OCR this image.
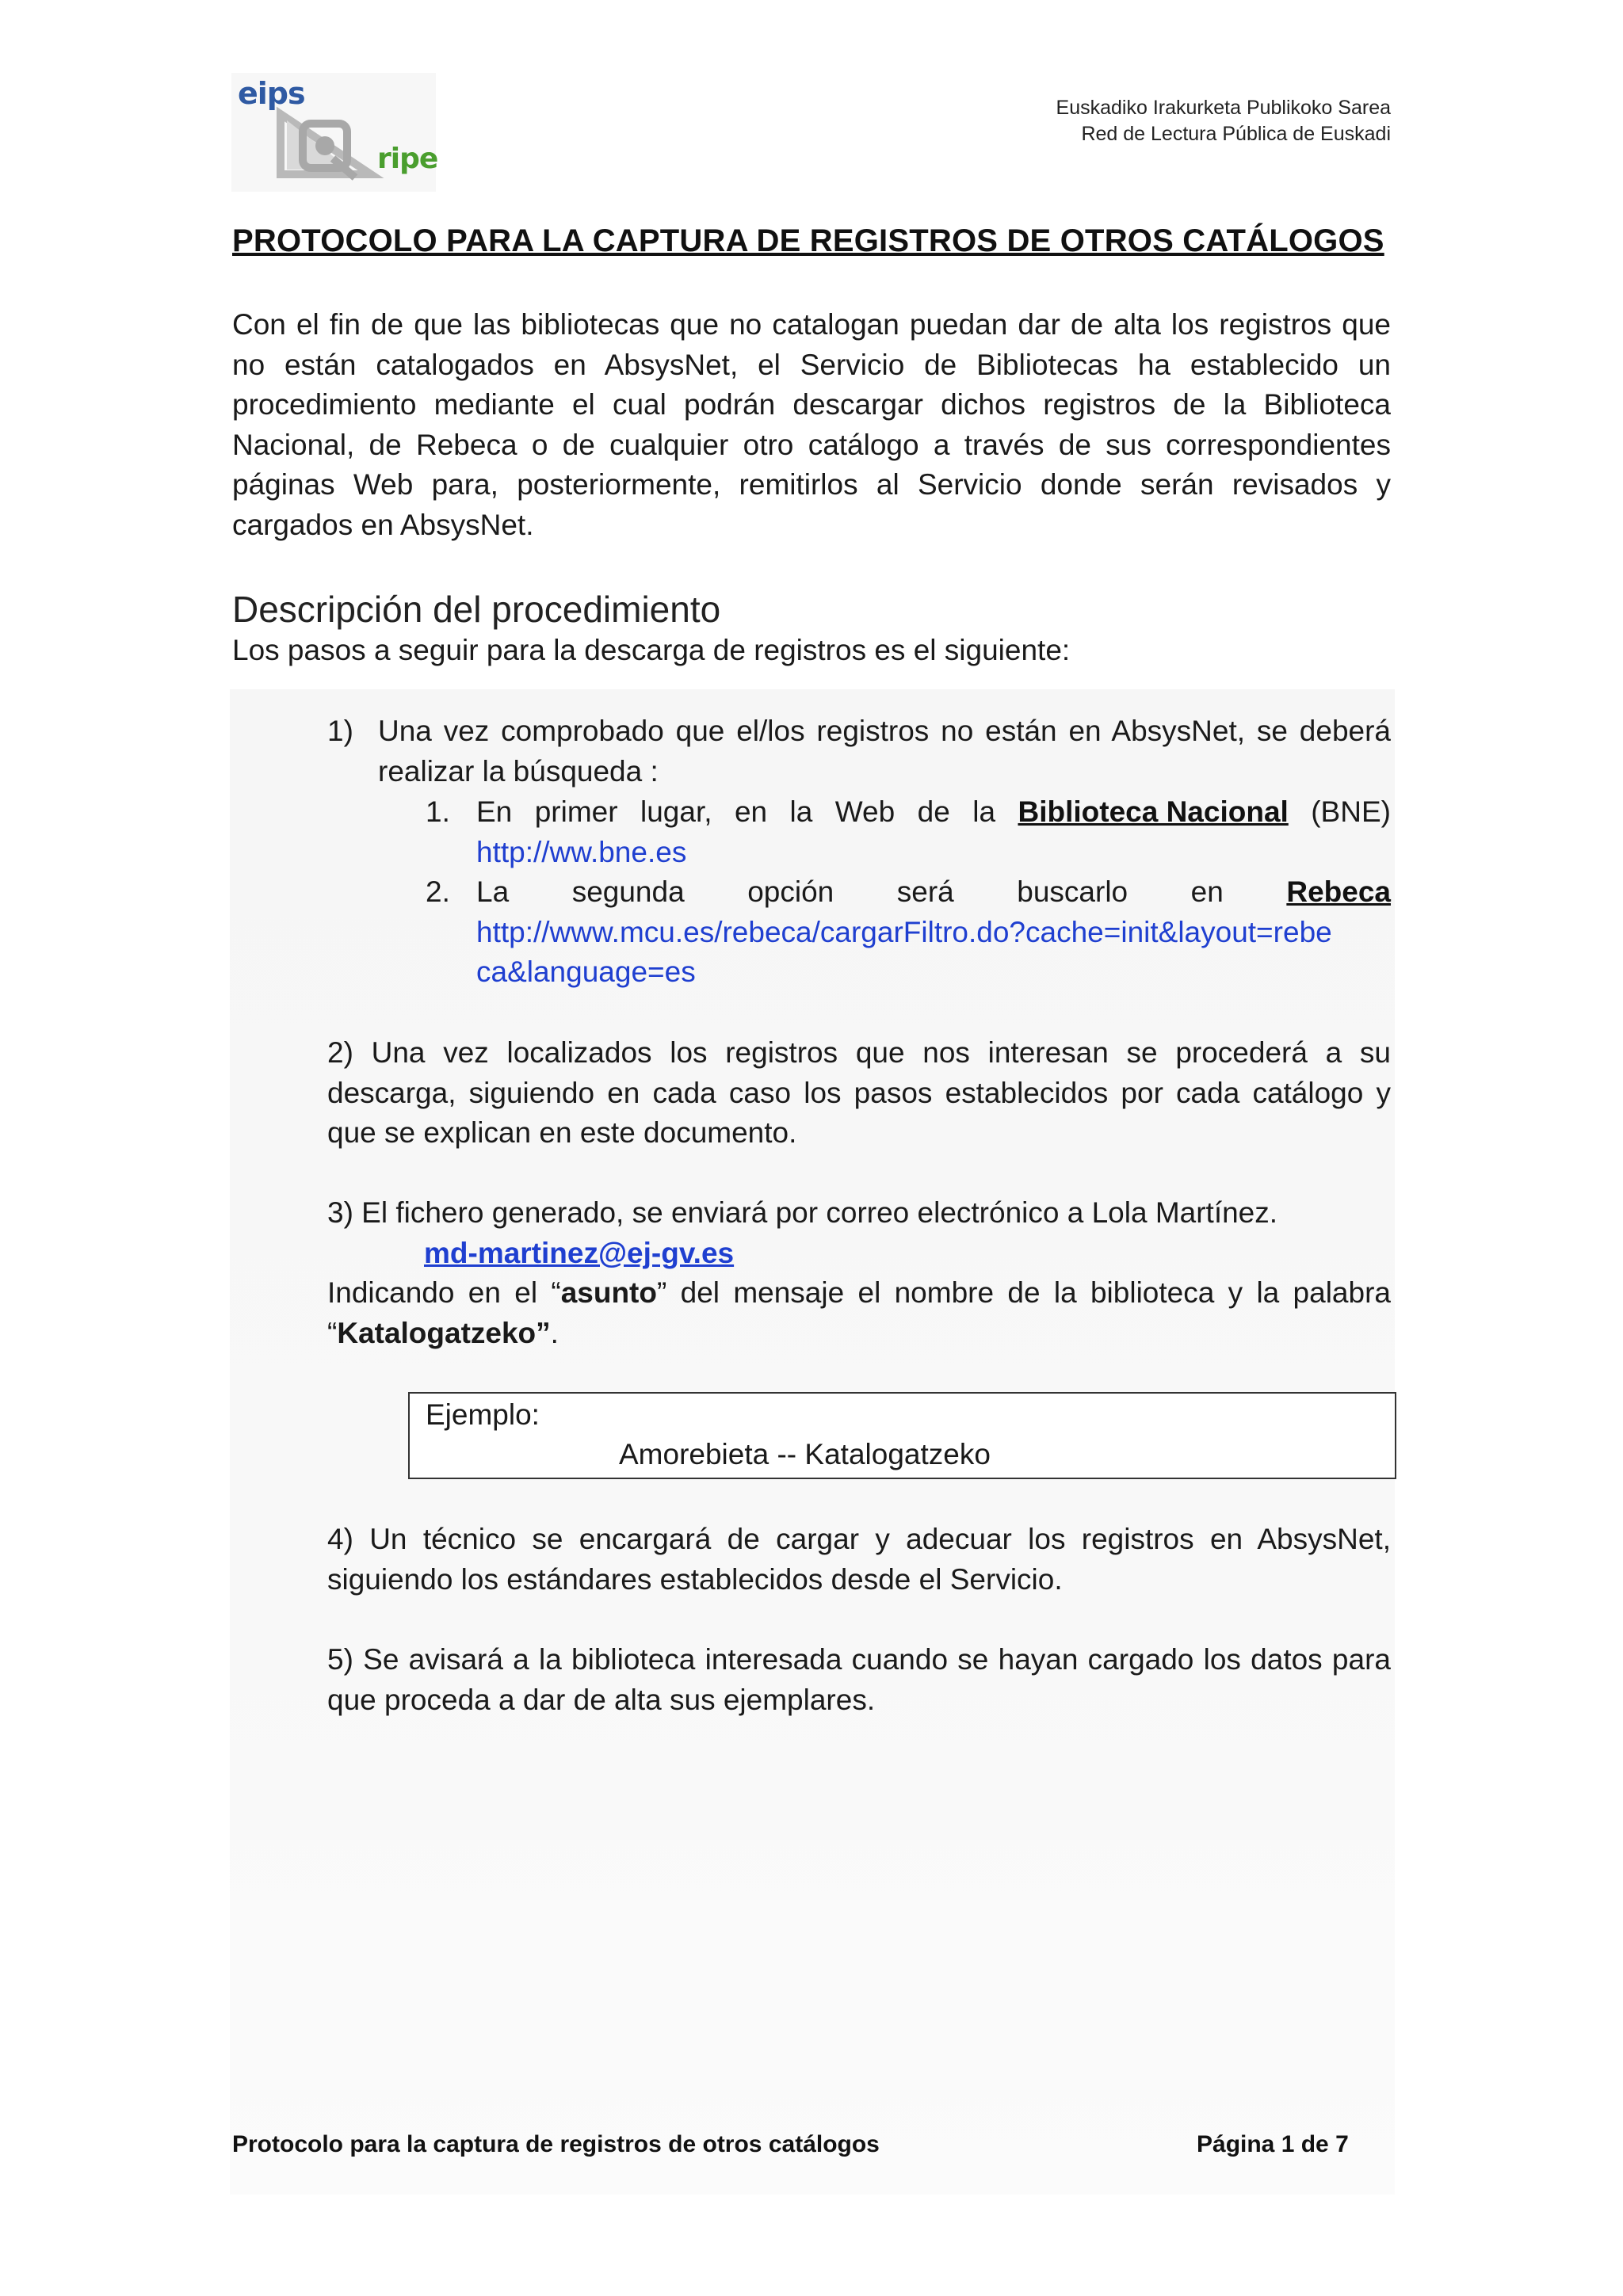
eips
ripe
Euskadiko Irakurketa Publikoko Sarea
Red de Lectura Pública de Euskadi
PROTOCOLO PARA LA CAPTURA DE REGISTROS DE OTROS CATÁLOGOS
Con el fin de que las bibliotecas que no catalogan puedan dar de alta los registros que no están catalogados en AbsysNet, el Servicio de Bibliotecas ha establecido un procedimiento mediante el cual podrán descargar dichos registros de la Biblioteca Nacional, de Rebeca o de cualquier otro catálogo a través de sus correspondientes páginas Web para, posteriormente, remitirlos al Servicio donde serán revisados y cargados en AbsysNet.
Descripción del procedimiento
Los pasos a seguir para la descarga de registros es el siguiente:
1) Una vez comprobado que el/los registros no están en AbsysNet, se deberá realizar la búsqueda :
1. En primer lugar, en la Web de la Biblioteca Nacional (BNE)
http://ww.bne.es
2. La segunda opción será buscarlo en Rebeca
http://www.mcu.es/rebeca/cargarFiltro.do?cache=init&layout=rebe
ca&language=es
2) Una vez localizados los registros que nos interesan se procederá a su descarga, siguiendo en cada caso los pasos establecidos por cada catálogo y que se explican en este documento.
3) El fichero generado, se enviará por correo electrónico a Lola Martínez.
md-martinez@ej-gv.es
Indicando en el “asunto” del mensaje el nombre de la biblioteca y la palabra “Katalogatzeko”.
Ejemplo:
Amorebieta -- Katalogatzeko
4) Un técnico se encargará de cargar y adecuar los registros en AbsysNet, siguiendo los estándares establecidos desde el Servicio.
5) Se avisará a la biblioteca interesada cuando se hayan cargado los datos para que proceda a dar de alta sus ejemplares.
Protocolo para la captura de registros de otros catálogos	Página 1 de 7
